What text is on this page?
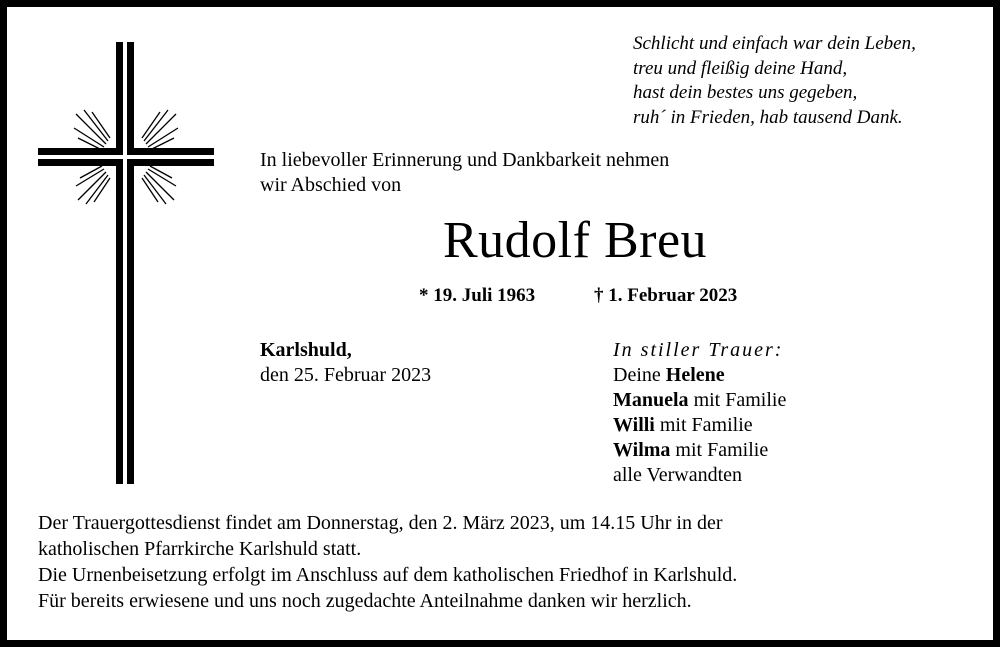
Schlicht und einfach war dein Leben,
treu und fleißig deine Hand,
hast dein bestes uns gegeben,
ruh´ in Frieden, hab tausend Dank.
In liebevoller Erinnerung und Dankbarkeit nehmen
wir Abschied von
Rudolf Breu
* 19. Juli 1963	† 1. Februar 2023
Karlshuld,
den 25. Februar 2023
In stiller Trauer:
Deine Helene
Manuela mit Familie
Willi mit Familie
Wilma mit Familie
alle Verwandten
Der Trauergottesdienst findet am Donnerstag, den 2. März 2023, um 14.15 Uhr in der
katholischen Pfarrkirche Karlshuld statt.
Die Urnenbeisetzung erfolgt im Anschluss auf dem katholischen Friedhof in Karlshuld.
Für bereits erwiesene und uns noch zugedachte Anteilnahme danken wir herzlich.
